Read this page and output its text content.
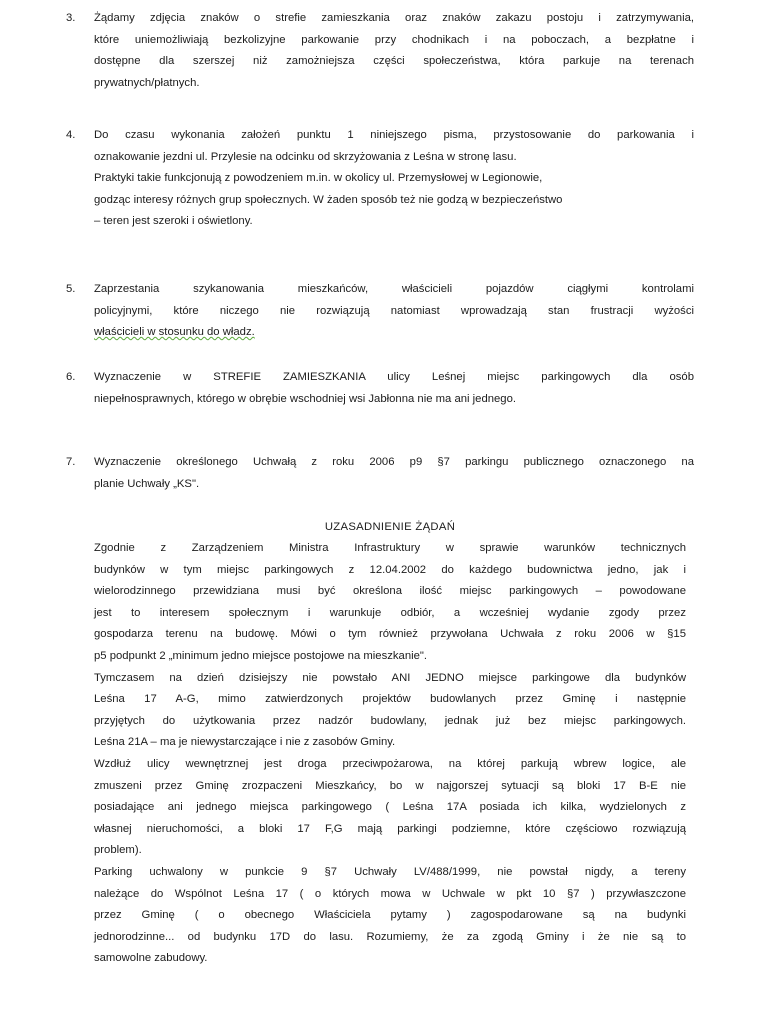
3. Żądamy zdjęcia znaków o strefie zamieszkania oraz znaków zakazu postoju i zatrzymywania,
które uniemożliwiają bezkolizyjne parkowanie przy chodnikach i na poboczach, a bezpłatne i
dostępne dla szerszej niż zamożniejsza części społeczeństwa, która parkuje na terenach
prywatnych/płatnych.
4. Do czasu wykonania założeń punktu 1 niniejszego pisma, przystosowanie do parkowania i
oznakowanie jezdni ul. Przylesie na odcinku od skrzyżowania z Leśna w stronę lasu.
Praktyki takie funkcjonują z powodzeniem m.in. w okolicy ul. Przemysłowej w Legionowie,
godząc interesy różnych grup społecznych. W żaden sposób też nie godzą w bezpieczeństwo
– teren jest szeroki i oświetlony.
5. Zaprzestania szykanowania mieszkańców, właścicieli pojazdów ciągłymi kontrolami
policyjnymi, które niczego nie rozwiązują natomiast wprowadzają stan frustracji wyżości
właścicieli w stosunku do władz.
6. Wyznaczenie w STREFIE ZAMIESZKANIA ulicy Leśnej miejsc parkingowych dla osób
niepełnosprawnych, którego w obrębie wschodniej wsi Jabłonna nie ma ani jednego.
7. Wyznaczenie określonego Uchwałą z roku 2006 p9 §7 parkingu publicznego oznaczonego na
planie Uchwały „KS".
UZASADNIENIE ŻĄDAŃ
Zgodnie z Zarządzeniem Ministra Infrastruktury w sprawie warunków technicznych
budynków w tym miejsc parkingowych z 12.04.2002 do każdego budownictwa jedno, jak i
wielorodzinnego przewidziana musi być określona ilość miejsc parkingowych – powodowane
jest to interesem społecznym i warunkuje odbiór, a wcześniej wydanie zgody przez
gospodarza terenu na budowę. Mówi o tym również przywołana Uchwała z roku 2006 w §15
p5 podpunkt 2 „minimum jedno miejsce postojowe na mieszkanie".
Tymczasem na dzień dzisiejszy nie powstało ANI JEDNO miejsce parkingowe dla budynków
Leśna 17 A-G, mimo zatwierdzonych projektów budowlanych przez Gminę i następnie
przyjętych do użytkowania przez nadzór budowlany, jednak już bez miejsc parkingowych.
Leśna 21A – ma je niewystarczające i nie z zasobów Gminy.
Wzdłuż ulicy wewnętrznej jest droga przeciwpożarowa, na której parkują wbrew logice, ale
zmuszeni przez Gminę zrozpaczeni Mieszkańcy, bo w najgorszej sytuacji są bloki 17 B-E nie
posiadające ani jednego miejsca parkingowego ( Leśna 17A posiada ich kilka, wydzielonych z
własnej nieruchomości, a bloki 17 F,G mają parkingi podziemne, które częściowo rozwiązują
problem).
Parking uchwalony w punkcie 9 §7 Uchwały LV/488/1999, nie powstał nigdy, a tereny
należące do Wspólnot Leśna 17 ( o których mowa w Uchwale w pkt 10 §7 ) przywłaszczone
przez Gminę ( o obecnego Właściciela pytamy ) zagospodarowane są na budynki
jednorodzinne... od budynku 17D do lasu. Rozumiemy, że za zgodą Gminy i że nie są to
samowolne zabudowy.
